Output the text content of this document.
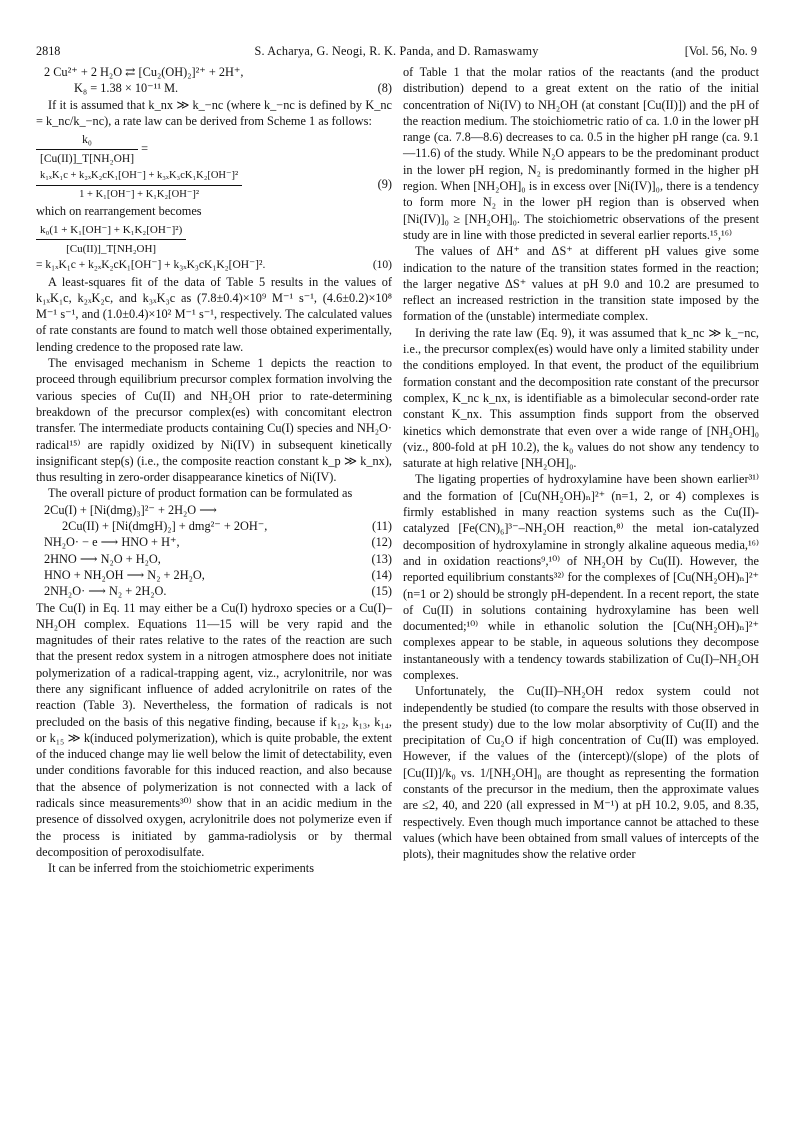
2818	S. Acharya, G. Neogi, R. K. Panda, and D. Ramaswamy	[Vol. 56, No. 9
2 Cu²⁺ + 2 H₂O ⇄ [Cu₂(OH)₂]²⁺ + 2H⁺,
K₈ = 1.38 × 10⁻¹¹ M.	(8)

If it is assumed that k_nx ≫ k_−nc (where k_−nc is defined by K_nc = k_nc/k_−nc), a rate law can be derived from Scheme 1 as follows:

$\frac{\text{k₀}}{\text{[Cu(II)]\_T[NH₂OH]}}$ =
$\frac{\text{k₁ₓK₁c + k₂ₓK₂cK₁[OH⁻] + k₃ₓK₃cK₁K₂[OH⁻]²}}{\text{1 + K₁[OH⁻] + K₁K₂[OH⁻]²}}$	(9)

which on rearrangement becomes

$\frac{\text{k₀(1 + K₁[OH⁻] + K₁K₂[OH⁻]²)}}{\text{[Cu(II)]\_T[NH₂OH]}}$
= k₁ₓK₁c + k₂ₓK₂cK₁[OH⁻] + k₃ₓK₃cK₁K₂[OH⁻]².	(10)

A least-squares fit of the data of Table 5 results in the values of k₁ₓK₁c, k₂ₓK₂c, and k₃ₓK₃c as (7.8±0.4)×10⁹ M⁻¹ s⁻¹, (4.6±0.2)×10⁸ M⁻¹ s⁻¹, and (1.0±0.4)×10² M⁻¹ s⁻¹, respectively. The calculated values of rate constants are found to match well those obtained experimentally, lending credence to the proposed rate law.

The envisaged mechanism in Scheme 1 depicts the reaction to proceed through equilibrium precursor complex formation involving the various species of Cu(II) and NH₂OH prior to rate-determining breakdown of the precursor complex(es) with concomitant electron transfer. The intermediate products containing Cu(I) species and NH₂O· radical¹⁵⁾ are rapidly oxidized by Ni(IV) in subsequent kinetically insignificant step(s) (i.e., the composite reaction constant k_p ≫ k_nx), thus resulting in zero-order disappearance kinetics of Ni(IV).

The overall picture of product formation can be formulated as

2Cu(I) + [Ni(dmg)₃]²⁻ + 2H₂O ⟶
2Cu(II) + [Ni(dmgH)₂] + dmg²⁻ + 2OH⁻,	(11)
NH₂O· − e ⟶ HNO + H⁺,	(12)
2HNO ⟶ N₂O + H₂O,	(13)
HNO + NH₂OH ⟶ N₂ + 2H₂O,	(14)
2NH₂O· ⟶ N₂ + 2H₂O.	(15)

The Cu(I) in Eq. 11 may either be a Cu(I) hydroxo species or a Cu(I)–NH₂OH complex. Equations 11—15 will be very rapid and the magnitudes of their rates relative to the rates of the reaction are such that the present redox system in a nitrogen atmosphere does not initiate polymerization of a radical-trapping agent, viz., acrylonitrile, nor was there any significant influence of added acrylonitrile on rates of the reaction (Table 3). Nevertheless, the formation of radicals is not precluded on the basis of this negative finding, because if k₁₂, k₁₃, k₁₄, or k₁₅ ≫ k(induced polymerization), which is quite probable, the extent of the induced change may lie well below the limit of detectability, even under conditions favorable for this induced reaction, and also because that the absence of polymerization is not connected with a lack of radicals since measurements³⁰⁾ show that in an acidic medium in the presence of dissolved oxygen, acrylonitrile does not polymerize even if the process is initiated by gamma-radiolysis or by thermal decomposition of peroxodisulfate.

It can be inferred from the stoichiometric experiments

of Table 1 that the molar ratios of the reactants (and the product distribution) depend to a great extent on the ratio of the initial concentration of Ni(IV) to NH₂OH (at constant [Cu(II)]) and the pH of the reaction medium. The stoichiometric ratio of ca. 1.0 in the lower pH range (ca. 7.8—8.6) decreases to ca. 0.5 in the higher pH range (ca. 9.1—11.6) of the study. While N₂O appears to be the predominant product in the lower pH region, N₂ is predominantly formed in the higher pH region. When [NH₂OH]₀ is in excess over [Ni(IV)]₀, there is a tendency to form more N₂ in the lower pH region than is observed when [Ni(IV)]₀ ≥ [NH₂OH]₀. The stoichiometric observations of the present study are in line with those predicted in several earlier reports.¹⁵,¹⁶⁾

The values of ΔH⁺ and ΔS⁺ at different pH values give some indication to the nature of the transition states formed in the reaction; the larger negative ΔS⁺ values at pH 9.0 and 10.2 are presumed to reflect an increased restriction in the transition state imposed by the formation of the (unstable) intermediate complex.

In deriving the rate law (Eq. 9), it was assumed that k_nc ≫ k_−nc, i.e., the precursor complex(es) would have only a limited stability under the conditions employed. In that event, the product of the equilibrium formation constant and the decomposition rate constant of the precursor complex, K_nc k_nx, is identifiable as a bimolecular second-order rate constant K_nx. This assumption finds support from the observed kinetics which demonstrate that even over a wide range of [NH₂OH]₀ (viz., 800-fold at pH 10.2), the k₀ values do not show any tendency to saturate at high relative [NH₂OH]₀.

The ligating properties of hydroxylamine have been shown earlier³¹⁾ and the formation of [Cu(NH₂OH)ₙ]²⁺ (n=1, 2, or 4) complexes is firmly established in many reaction systems such as the Cu(II)-catalyzed [Fe(CN)₆]³⁻–NH₂OH reaction,⁸⁾ the metal ion-catalyzed decomposition of hydroxylamine in strongly alkaline aqueous media,¹⁶⁾ and in oxidation reactions⁹,¹⁰⁾ of NH₂OH by Cu(II). However, the reported equilibrium constants³²⁾ for the complexes of [Cu(NH₂OH)ₙ]²⁺ (n=1 or 2) should be strongly pH-dependent. In a recent report, the state of Cu(II) in solutions containing hydroxylamine has been well documented;¹⁰⁾ while in ethanolic solution the [Cu(NH₂OH)ₙ]²⁺ complexes appear to be stable, in aqueous solutions they decompose instantaneously with a tendency towards stabilization of Cu(I)–NH₂OH complexes.

Unfortunately, the Cu(II)–NH₂OH redox system could not independently be studied (to compare the results with those observed in the present study) due to the low molar absorptivity of Cu(II) and the precipitation of Cu₂O if high concentration of Cu(II) was employed. However, if the values of the (intercept)/(slope) of the plots of [Cu(II)]/k₀ vs. 1/[NH₂OH]₀ are thought as representing the formation constants of the precursor in the medium, then the approximate values are ≤2, 40, and 220 (all expressed in M⁻¹) at pH 10.2, 9.05, and 8.35, respectively. Even though much importance cannot be attached to these values (which have been obtained from small values of intercepts of the plots), their magnitudes show the relative order
